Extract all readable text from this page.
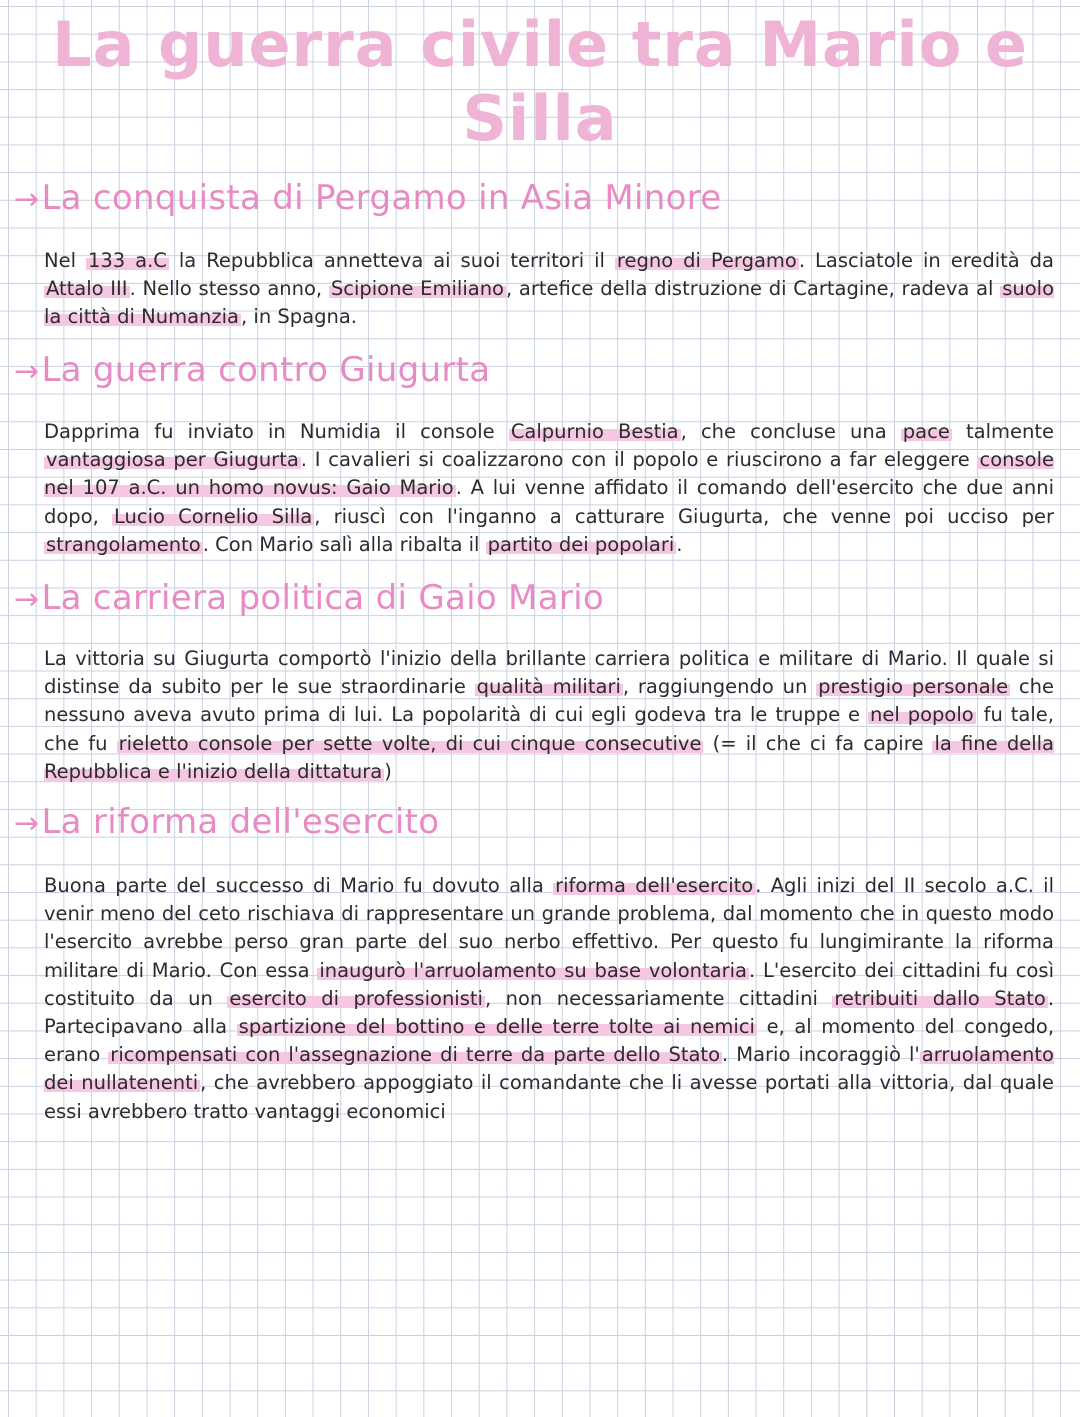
La guerra civile tra Mario e
Silla
→La conquista di Pergamo in Asia Minore

Nel 133 a.C la Repubblica annetteva ai suoi territori il regno di Pergamo . Lasciatole in eredità da Attalo III . Nello stesso anno, Scipione Emiliano , artefice della distruzione di Cartagine, radeva al suolo la città di Numanzia , in Spagna.

→La guerra contro Giugurta

Dapprima fu inviato in Numidia il console Calpurnio Bestia , che concluse una pace talmente vantaggiosa per Giugurta . I cavalieri si coalizzarono con il popolo e riuscirono a far eleggere console nel 107 a.C. un homo novus: Gaio Mario . A lui venne affidato il comando dell'esercito che due anni dopo, Lucio Cornelio Silla , riuscì con l'inganno a catturare Giugurta, che venne poi ucciso per strangolamento . Con Mario salì alla ribalta il partito dei popolari .

→La carriera politica di Gaio Mario

La vittoria su Giugurta comportò l'inizio della brillante carriera politica e militare di Mario. Il quale si distinse da subito per le sue straordinarie qualità militari , raggiungendo un prestigio personale che nessuno aveva avuto prima di lui. La popolarità di cui egli godeva tra le truppe e nel popolo fu tale, che fu rieletto console per sette volte, di cui cinque consecutive (= il che ci fa capire la fine della Repubblica e l'inizio della dittatura )

→La riforma dell'esercito

Buona parte del successo di Mario fu dovuto alla riforma dell'esercito . Agli inizi del II secolo a.C. il venir meno del ceto rischiava di rappresentare un grande problema, dal momento che in questo modo l'esercito avrebbe perso gran parte del suo nerbo effettivo. Per questo fu lungimirante la riforma militare di Mario. Con essa inaugurò l'arruolamento su base volontaria . L'esercito dei cittadini fu così costituito da un esercito di professionisti , non necessariamente cittadini retribuiti dallo Stato . Partecipavano alla spartizione del bottino e delle terre tolte ai nemici e, al momento del congedo, erano ricompensati con l'assegnazione di terre da parte dello Stato . Mario incoraggiò l' arruolamento dei nullatenenti , che avrebbero appoggiato il comandante che li avesse portati alla vittoria, dal quale essi avrebbero tratto vantaggi economici
